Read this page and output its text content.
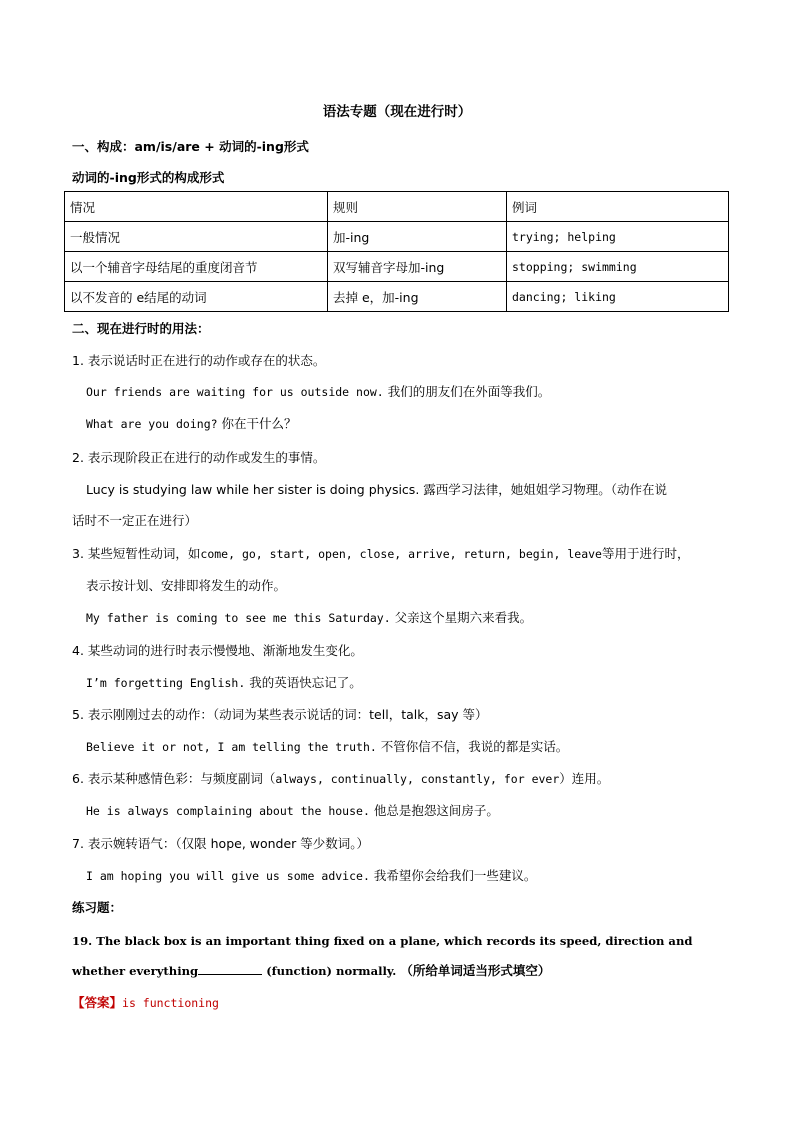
语法专题（现在进行时）
一、构成：am/is/are + 动词的-ing形式
动词的-ing形式的构成形式
情况	规则	例词
一般情况	加-ing	trying; helping
以一个辅音字母结尾的重度闭音节	双写辅音字母加-ing	stopping; swimming
以不发音的 e结尾的动词	去掉 e，加-ing	dancing; liking
二、现在进行时的用法：
1. 表示说话时正在进行的动作或存在的状态。
Our friends are waiting for us outside now. 我们的朋友们在外面等我们。
What are you doing? 你在干什么？
2. 表示现阶段正在进行的动作或发生的事情。
Lucy is studying law while her sister is doing physics. 露西学习法律，她姐姐学习物理。（动作在说
话时不一定正在进行）
3. 某些短暂性动词，如come, go, start, open, close, arrive, return, begin, leave等用于进行时，
表示按计划、安排即将发生的动作。
My father is coming to see me this Saturday. 父亲这个星期六来看我。
4. 某些动词的进行时表示慢慢地、渐渐地发生变化。
I’m forgetting English. 我的英语快忘记了。
5. 表示刚刚过去的动作：（动词为某些表示说话的词：tell，talk，say 等）
Believe it or not, I am telling the truth. 不管你信不信，我说的都是实话。
6. 表示某种感情色彩：与频度副词（always, continually, constantly, for ever）连用。
He is always complaining about the house. 他总是抱怨这间房子。
7. 表示婉转语气：（仅限 hope, wonder 等少数词。）
I am hoping you will give us some advice. 我希望你会给我们一些建议。
练习题：
19. The black box is an important thing fixed on a plane, which records its speed, direction and
whether everything	(function) normally. （所给单词适当形式填空）
【答案】is functioning
